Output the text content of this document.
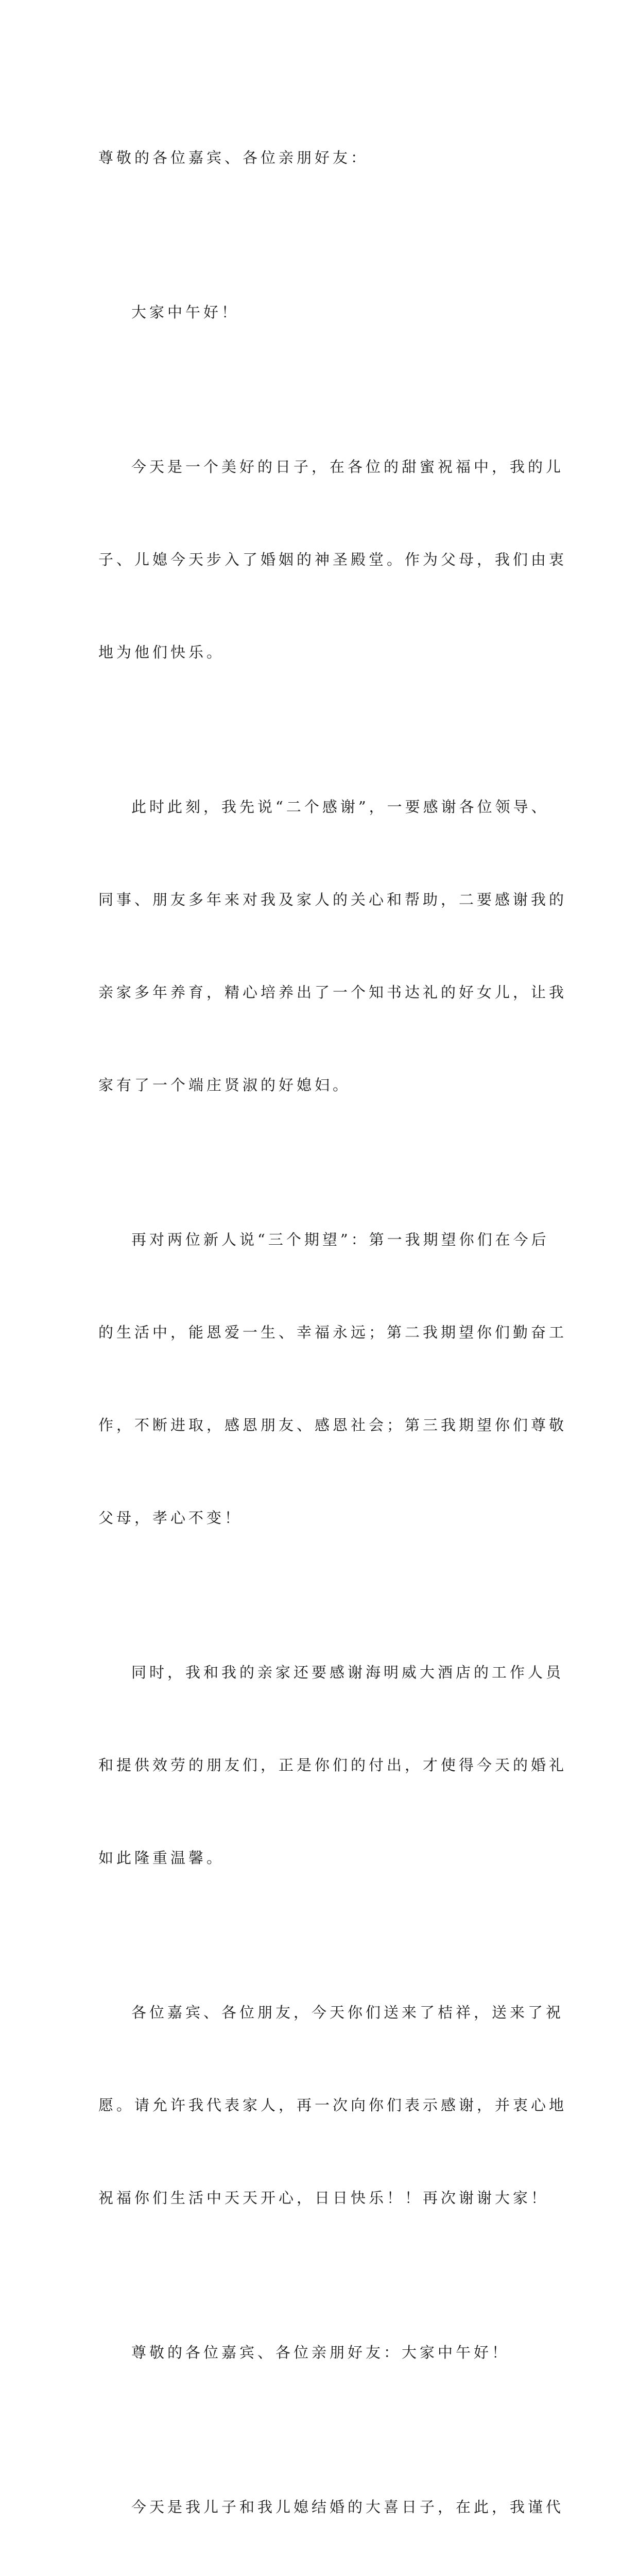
尊敬的各位嘉宾、各位亲朋好友：

大家中午好！

今天是一个美好的日子，在各位的甜蜜祝福中，我的儿

子、儿媳今天步入了婚姻的神圣殿堂。作为父母，我们由衷

地为他们快乐。

此时此刻，我先说“二个感谢”，一要感谢各位领导、

同事、朋友多年来对我及家人的关心和帮助，二要感谢我的

亲家多年养育，精心培养出了一个知书达礼的好女儿，让我

家有了一个端庄贤淑的好媳妇。

再对两位新人说“三个期望”：第一我期望你们在今后

的生活中，能恩爱一生、幸福永远；第二我期望你们勤奋工

作，不断进取，感恩朋友、感恩社会；第三我期望你们尊敬

父母，孝心不变！

同时，我和我的亲家还要感谢海明威大酒店的工作人员

和提供效劳的朋友们，正是你们的付出，才使得今天的婚礼

如此隆重温馨。

各位嘉宾、各位朋友，今天你们送来了桔祥，送来了祝

愿。请允许我代表家人，再一次向你们表示感谢，并衷心地

祝福你们生活中天天开心，日日快乐！！再次谢谢大家！

尊敬的各位嘉宾、各位亲朋好友：大家中午好！

今天是我儿子和我儿媳结婚的大喜日子，在此，我谨代
